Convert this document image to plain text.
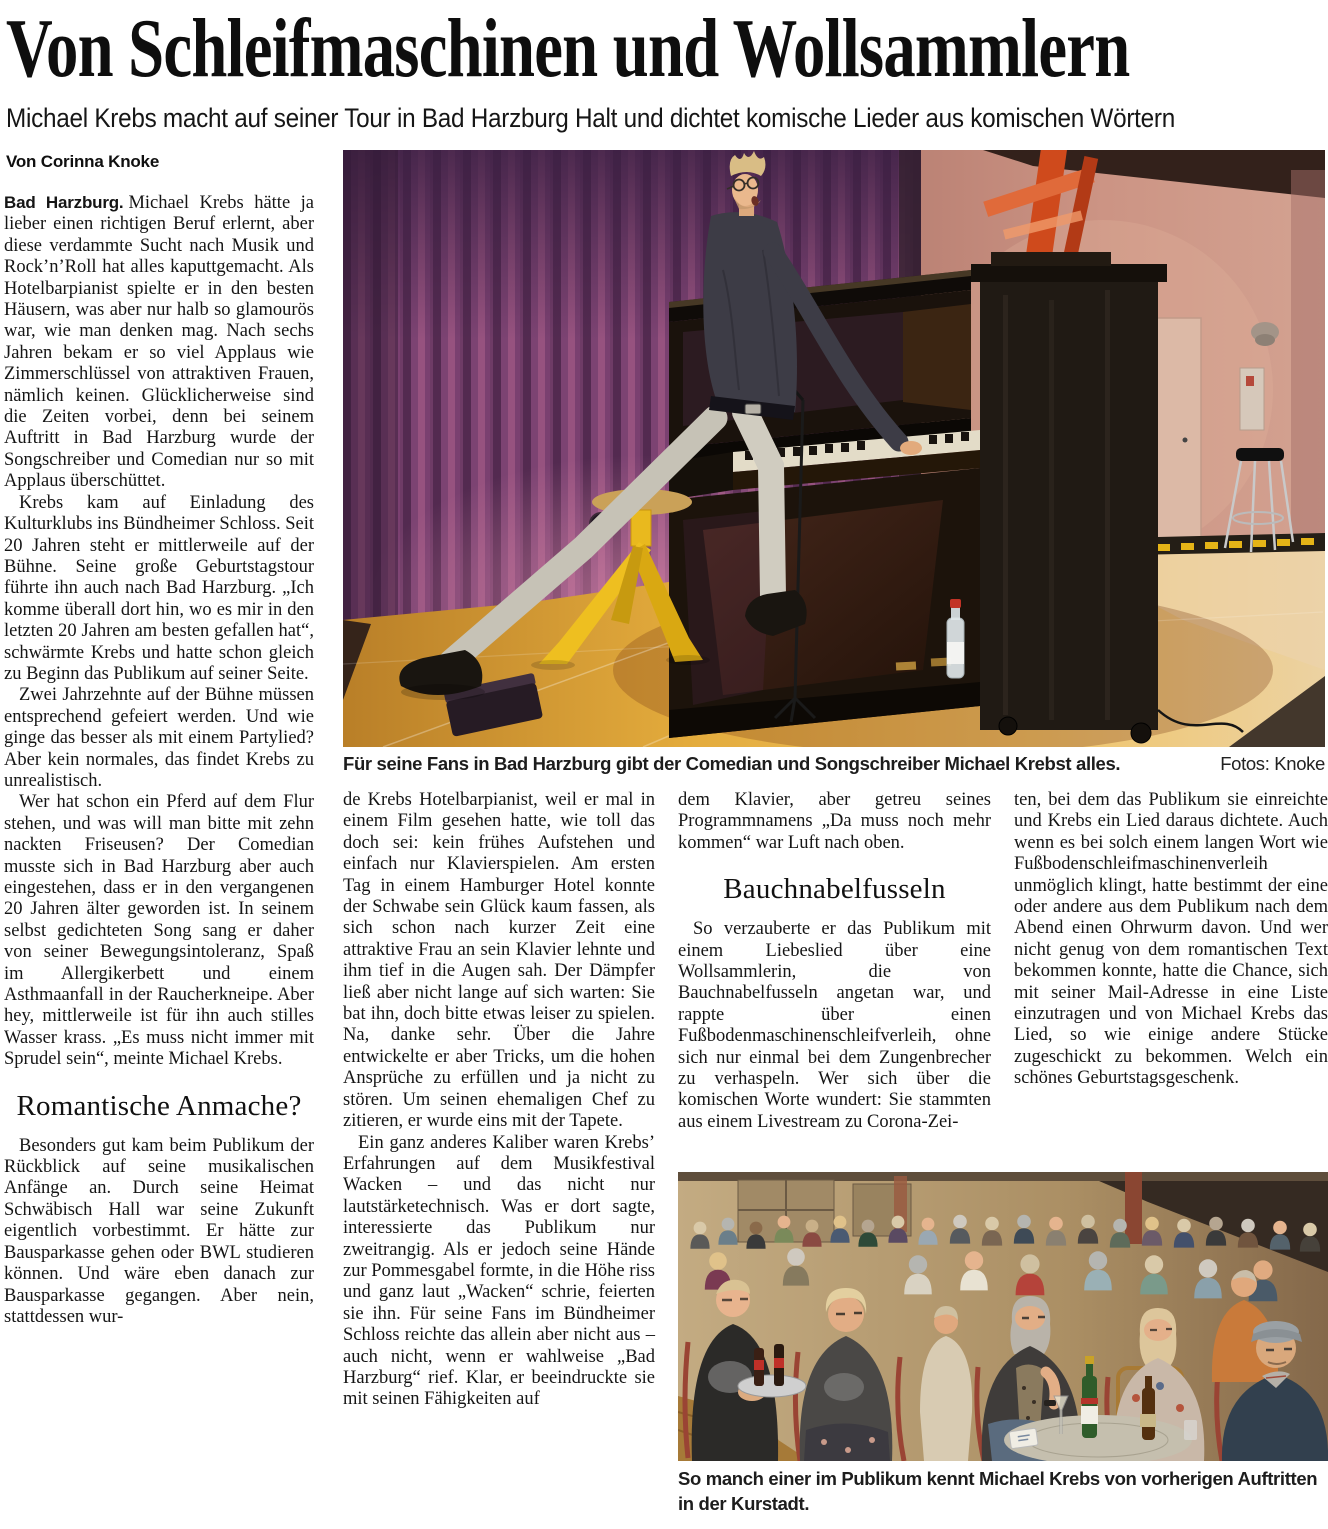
Von Schleifmaschinen und Wollsammlern
Michael Krebs macht auf seiner Tour in Bad Harzburg Halt und dichtet komische Lieder aus komischen Wörtern
Von Corinna Knoke

Bad Harzburg. Michael Krebs hätte ja lieber einen richtigen Beruf erlernt, aber diese verdammte Sucht nach Musik und Rock’n’Roll hat alles kaputtgemacht. Als Hotelbarpianist spielte er in den besten Häusern, was aber nur halb so glamourös war, wie man denken mag. Nach sechs Jahren bekam er so viel Applaus wie Zimmerschlüssel von attraktiven Frauen, nämlich keinen. Glücklicherweise sind die Zeiten vorbei, denn bei seinem Auftritt in Bad Harzburg wurde der Songschreiber und Comedian nur so mit Applaus überschüttet.

Krebs kam auf Einladung des Kulturklubs ins Bündheimer Schloss. Seit 20 Jahren steht er mittlerweile auf der Bühne. Seine große Geburtstagstour führte ihn auch nach Bad Harzburg. „Ich komme überall dort hin, wo es mir in den letzten 20 Jahren am besten gefallen hat“, schwärmte Krebs und hatte schon gleich zu Beginn das Publikum auf seiner Seite.

Zwei Jahrzehnte auf der Bühne müssen entsprechend gefeiert werden. Und wie ginge das besser als mit einem Partylied? Aber kein normales, das findet Krebs zu unrealistisch.

Wer hat schon ein Pferd auf dem Flur stehen, und was will man bitte mit zehn nackten Friseusen? Der Comedian musste sich in Bad Harzburg aber auch eingestehen, dass er in den vergangenen 20 Jahren älter geworden ist. In seinem selbst gedichteten Song sang er daher von seiner Bewegungsintoleranz, Spaß im Allergikerbett und einem Asthmaanfall in der Raucherkneipe. Aber hey, mittlerweile ist für ihn auch stilles Wasser krass. „Es muss nicht immer mit Sprudel sein“, meinte Michael Krebs.

Romantische Anmache?

Besonders gut kam beim Publikum der Rückblick auf seine musikalischen Anfänge an. Durch seine Heimat Schwäbisch Hall war seine Zukunft eigentlich vorbestimmt. Er hätte zur Bausparkasse gehen oder BWL studieren können. Und wäre eben danach zur Bausparkasse gegangen. Aber nein, stattdessen wur-

Für seine Fans in Bad Harzburg gibt der Comedian und Songschreiber Michael Krebst alles.	Fotos: Knoke

de Krebs Hotelbarpianist, weil er mal in einem Film gesehen hatte, wie toll das doch sei: kein frühes Aufstehen und einfach nur Klavierspielen. Am ersten Tag in einem Hamburger Hotel konnte der Schwabe sein Glück kaum fassen, als sich schon nach kurzer Zeit eine attraktive Frau an sein Klavier lehnte und ihm tief in die Augen sah. Der Dämpfer ließ aber nicht lange auf sich warten: Sie bat ihn, doch bitte etwas leiser zu spielen. Na, danke sehr. Über die Jahre entwickelte er aber Tricks, um die hohen Ansprüche zu erfüllen und ja nicht zu stören. Um seinen ehemaligen Chef zu zitieren, er wurde eins mit der Tapete.

Ein ganz anderes Kaliber waren Krebs’ Erfahrungen auf dem Musikfestival Wacken – und das nicht nur lautstärketechnisch. Was er dort sagte, interessierte das Publikum nur zweitrangig. Als er jedoch seine Hände zur Pommesgabel formte, in die Höhe riss und ganz laut „Wacken“ schrie, feierten sie ihn. Für seine Fans im Bündheimer Schloss reichte das allein aber nicht aus – auch nicht, wenn er wahlweise „Bad Harzburg“ rief. Klar, er beeindruckte sie mit seinen Fähigkeiten auf

dem Klavier, aber getreu seines Programmnamens „Da muss noch mehr kommen“ war Luft nach oben.

Bauchnabelfusseln

So verzauberte er das Publikum mit einem Liebeslied über eine Wollsammlerin, die von Bauchnabelfusseln angetan war, und rappte über einen Fußbodenmaschinenschleifverleih, ohne sich nur einmal bei dem Zungenbrecher zu verhaspeln. Wer sich über die komischen Worte wundert: Sie stammten aus einem Livestream zu Corona-Zei-

ten, bei dem das Publikum sie einreichte und Krebs ein Lied daraus dichtete. Auch wenn es bei solch einem langen Wort wie Fußbodenschleifmaschinenverleih unmöglich klingt, hatte bestimmt der eine oder andere aus dem Publikum nach dem Abend einen Ohrwurm davon. Und wer nicht genug von dem romantischen Text bekommen konnte, hatte die Chance, sich mit seiner Mail-Adresse in eine Liste einzutragen und von Michael Krebs das Lied, so wie einige andere Stücke zugeschickt zu bekommen. Welch ein schönes Geburtstagsgeschenk.

So manch einer im Publikum kennt Michael Krebs von vorherigen Auftritten in der Kurstadt.
